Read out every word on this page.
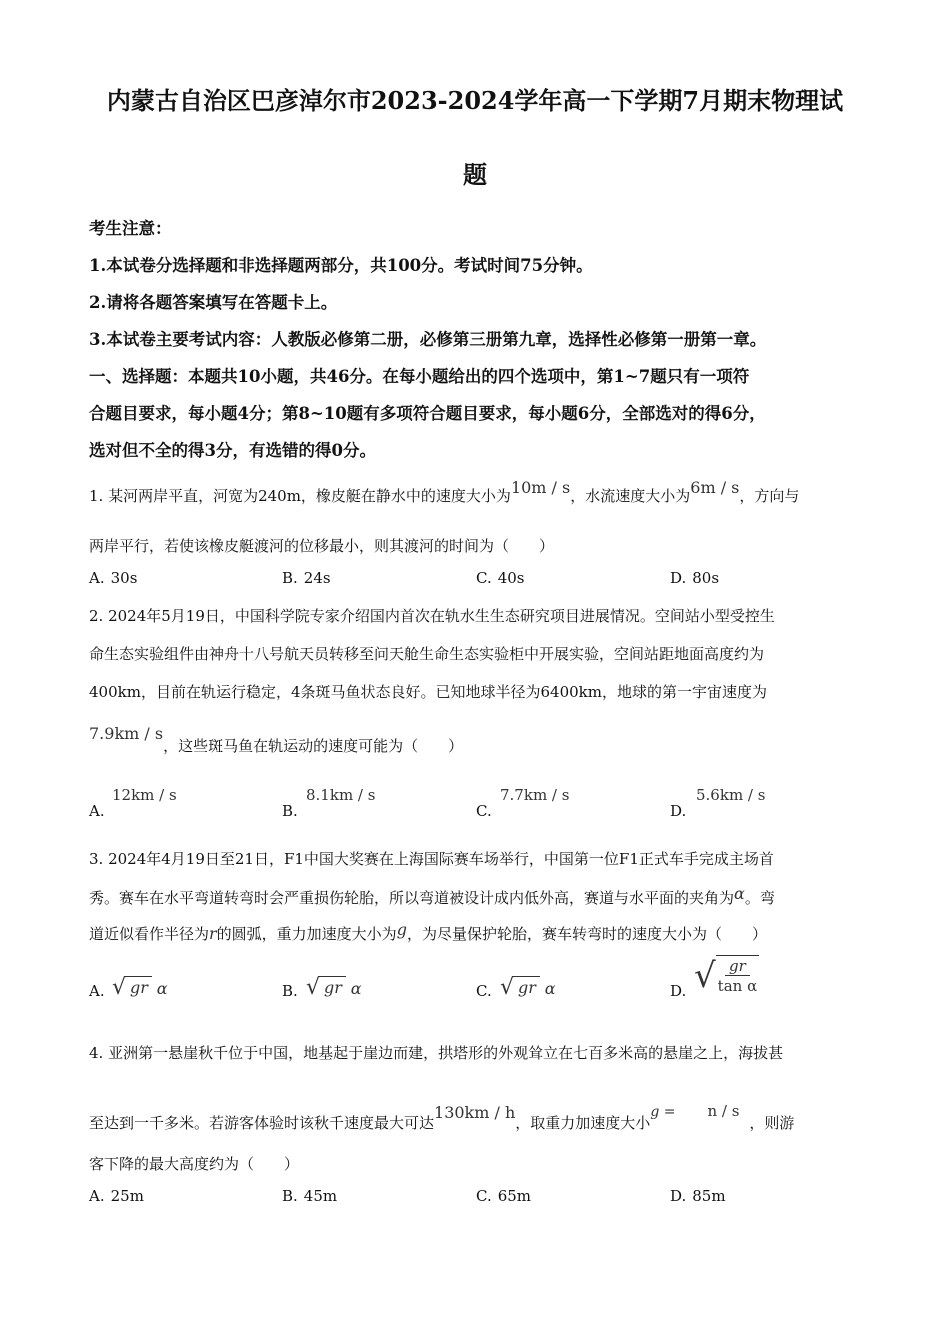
内蒙古自治区巴彦淖尔市2023-2024学年高一下学期7月期末物理试
题
考生注意：
1.本试卷分选择题和非选择题两部分，共100分。考试时间75分钟。
2.请将各题答案填写在答题卡上。
3.本试卷主要考试内容：人教版必修第二册，必修第三册第九章，选择性必修第一册第一章。
一、选择题：本题共10小题，共46分。在每小题给出的四个选项中，第1~7题只有一项符
合题目要求，每小题4分；第8~10题有多项符合题目要求，每小题6分，全部选对的得6分，
选对但不全的得3分，有选错的得0分。
1. 某河两岸平直，河宽为240m，橡皮艇在静水中的速度大小为10m / s，水流速度大小为6m / s，方向与
两岸平行，若使该橡皮艇渡河的位移最小，则其渡河的时间为（　　）
A. 30s	B. 24s	C. 40s	D. 80s
2. 2024年5月19日，中国科学院专家介绍国内首次在轨水生生态研究项目进展情况。空间站小型受控生
命生态实验组件由神舟十八号航天员转移至问天舱生命生态实验柜中开展实验，空间站距地面高度约为
400km，目前在轨运行稳定，4条斑马鱼状态良好。已知地球半径为6400km，地球的第一宇宙速度为
7.9km / s，这些斑马鱼在轨运动的速度可能为（　　）
A.
12km / s
B.
8.1km / s
C.
7.7km / s
D.
5.6km / s
3. 2024年4月19日至21日，F1中国大奖赛在上海国际赛车场举行，中国第一位F1正式车手完成主场首
秀。赛车在水平弯道转弯时会严重损伤轮胎，所以弯道被设计成内低外高，赛道与水平面的夹角为α。弯
道近似看作半径为r的圆弧，重力加速度大小为g，为尽量保护轮胎，赛车转弯时的速度大小为（　　）
A. √ gr α	B. √ gr α	C. √ gr α	D. √ $\frac{gr}{\text{tan α}}$
4. 亚洲第一悬崖秋千位于中国，地基起于崖边而建，拱塔形的外观耸立在七百多米高的悬崖之上，海拔甚
至达到一千多米。若游客体验时该秋千速度最大可达130km / h，取重力加速度大小g = n / s，则游
客下降的最大高度约为（　　）
A. 25m	B. 45m	C. 65m	D. 85m
